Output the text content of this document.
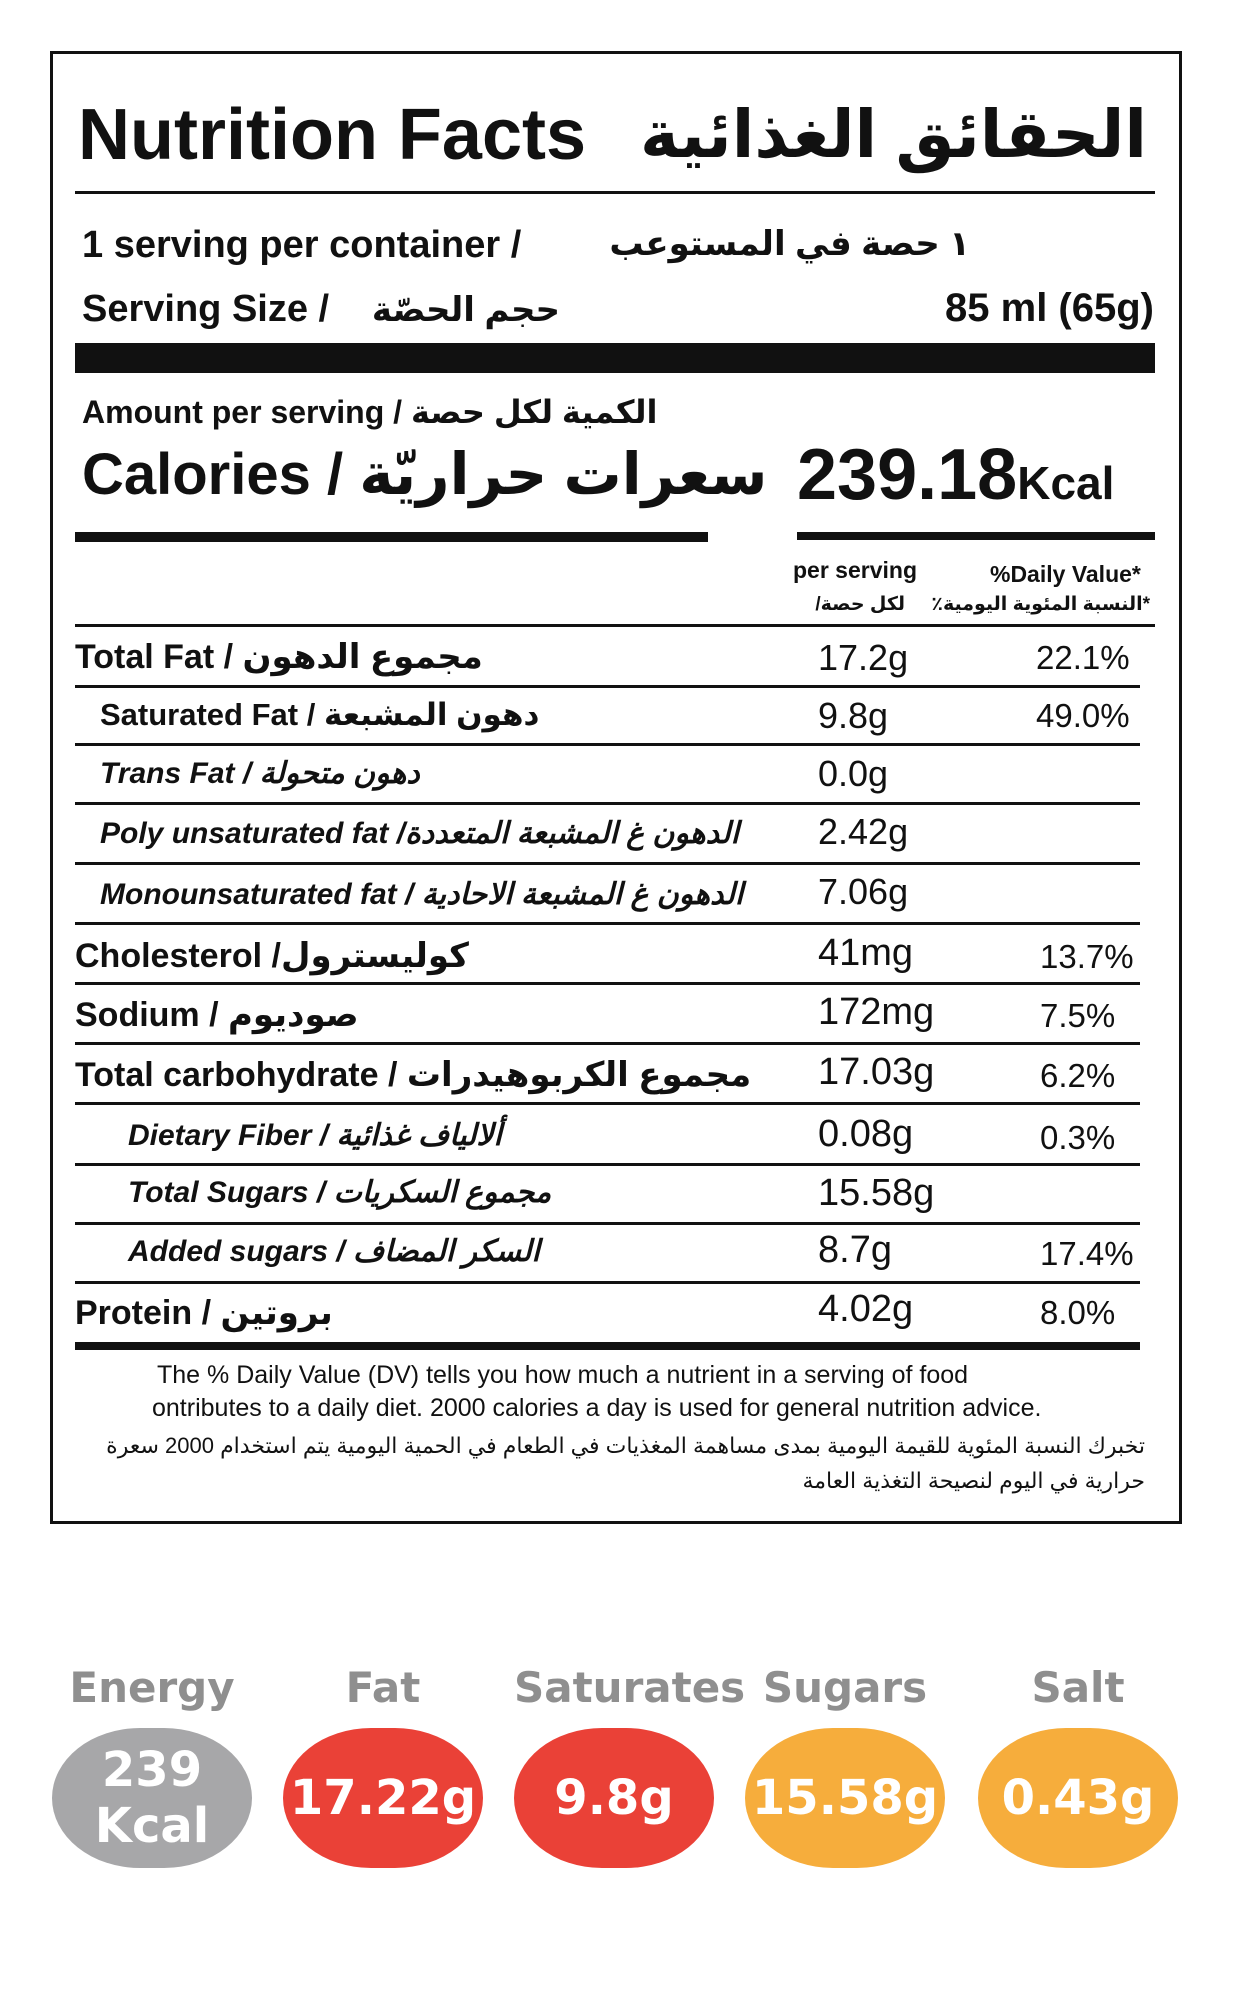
Nutrition Facts الحقائق الغذائية
1 serving per container /	١ حصة في المستوعب
Serving Size / حجم الحصّة	85 ml (65g)
Amount per serving / الكمية لكل حصة
Calories / سعرات حراريّة 239.18Kcal
per serving
لكل حصة/
%Daily Value*
*النسبة المئوية اليومية٪
Total Fat / مجموع الدهون	17.2g	22.1%
Saturated Fat / دهون المشبعة	9.8g	49.0%
Trans Fat / دهون متحولة	0.0g
Poly unsaturated fat /الدهون غ المشبعة المتعددة 2.42g
Monounsaturated fat / الدهون غ المشبعة الاحادية 7.06g
Cholesterol /كوليسترول	41mg	13.7%
Sodium / صوديوم	172mg	7.5%
Total carbohydrate / مجموع الكربوهيدرات 17.03g	6.2%
Dietary Fiber / ألالياف غذائية	0.08g	0.3%
Total Sugars / مجموع السكريات	15.58g
Added sugars / السكر المضاف	8.7g	17.4%
Protein / بروتين	4.02g	8.0%
The % Daily Value (DV) tells you how much a nutrient in a serving of food
ontributes to a daily diet. 2000 calories a day is used for general nutrition advice.
تخبرك النسبة المئوية للقيمة اليومية بمدى مساهمة المغذيات في الطعام في الحمية اليومية يتم استخدام 2000 سعرة
حرارية في اليوم لنصيحة التغذية العامة
Energy
239
Kcal
Fat
17.22g
Saturates
9.8g
Sugars
15.58g
Salt
0.43g
